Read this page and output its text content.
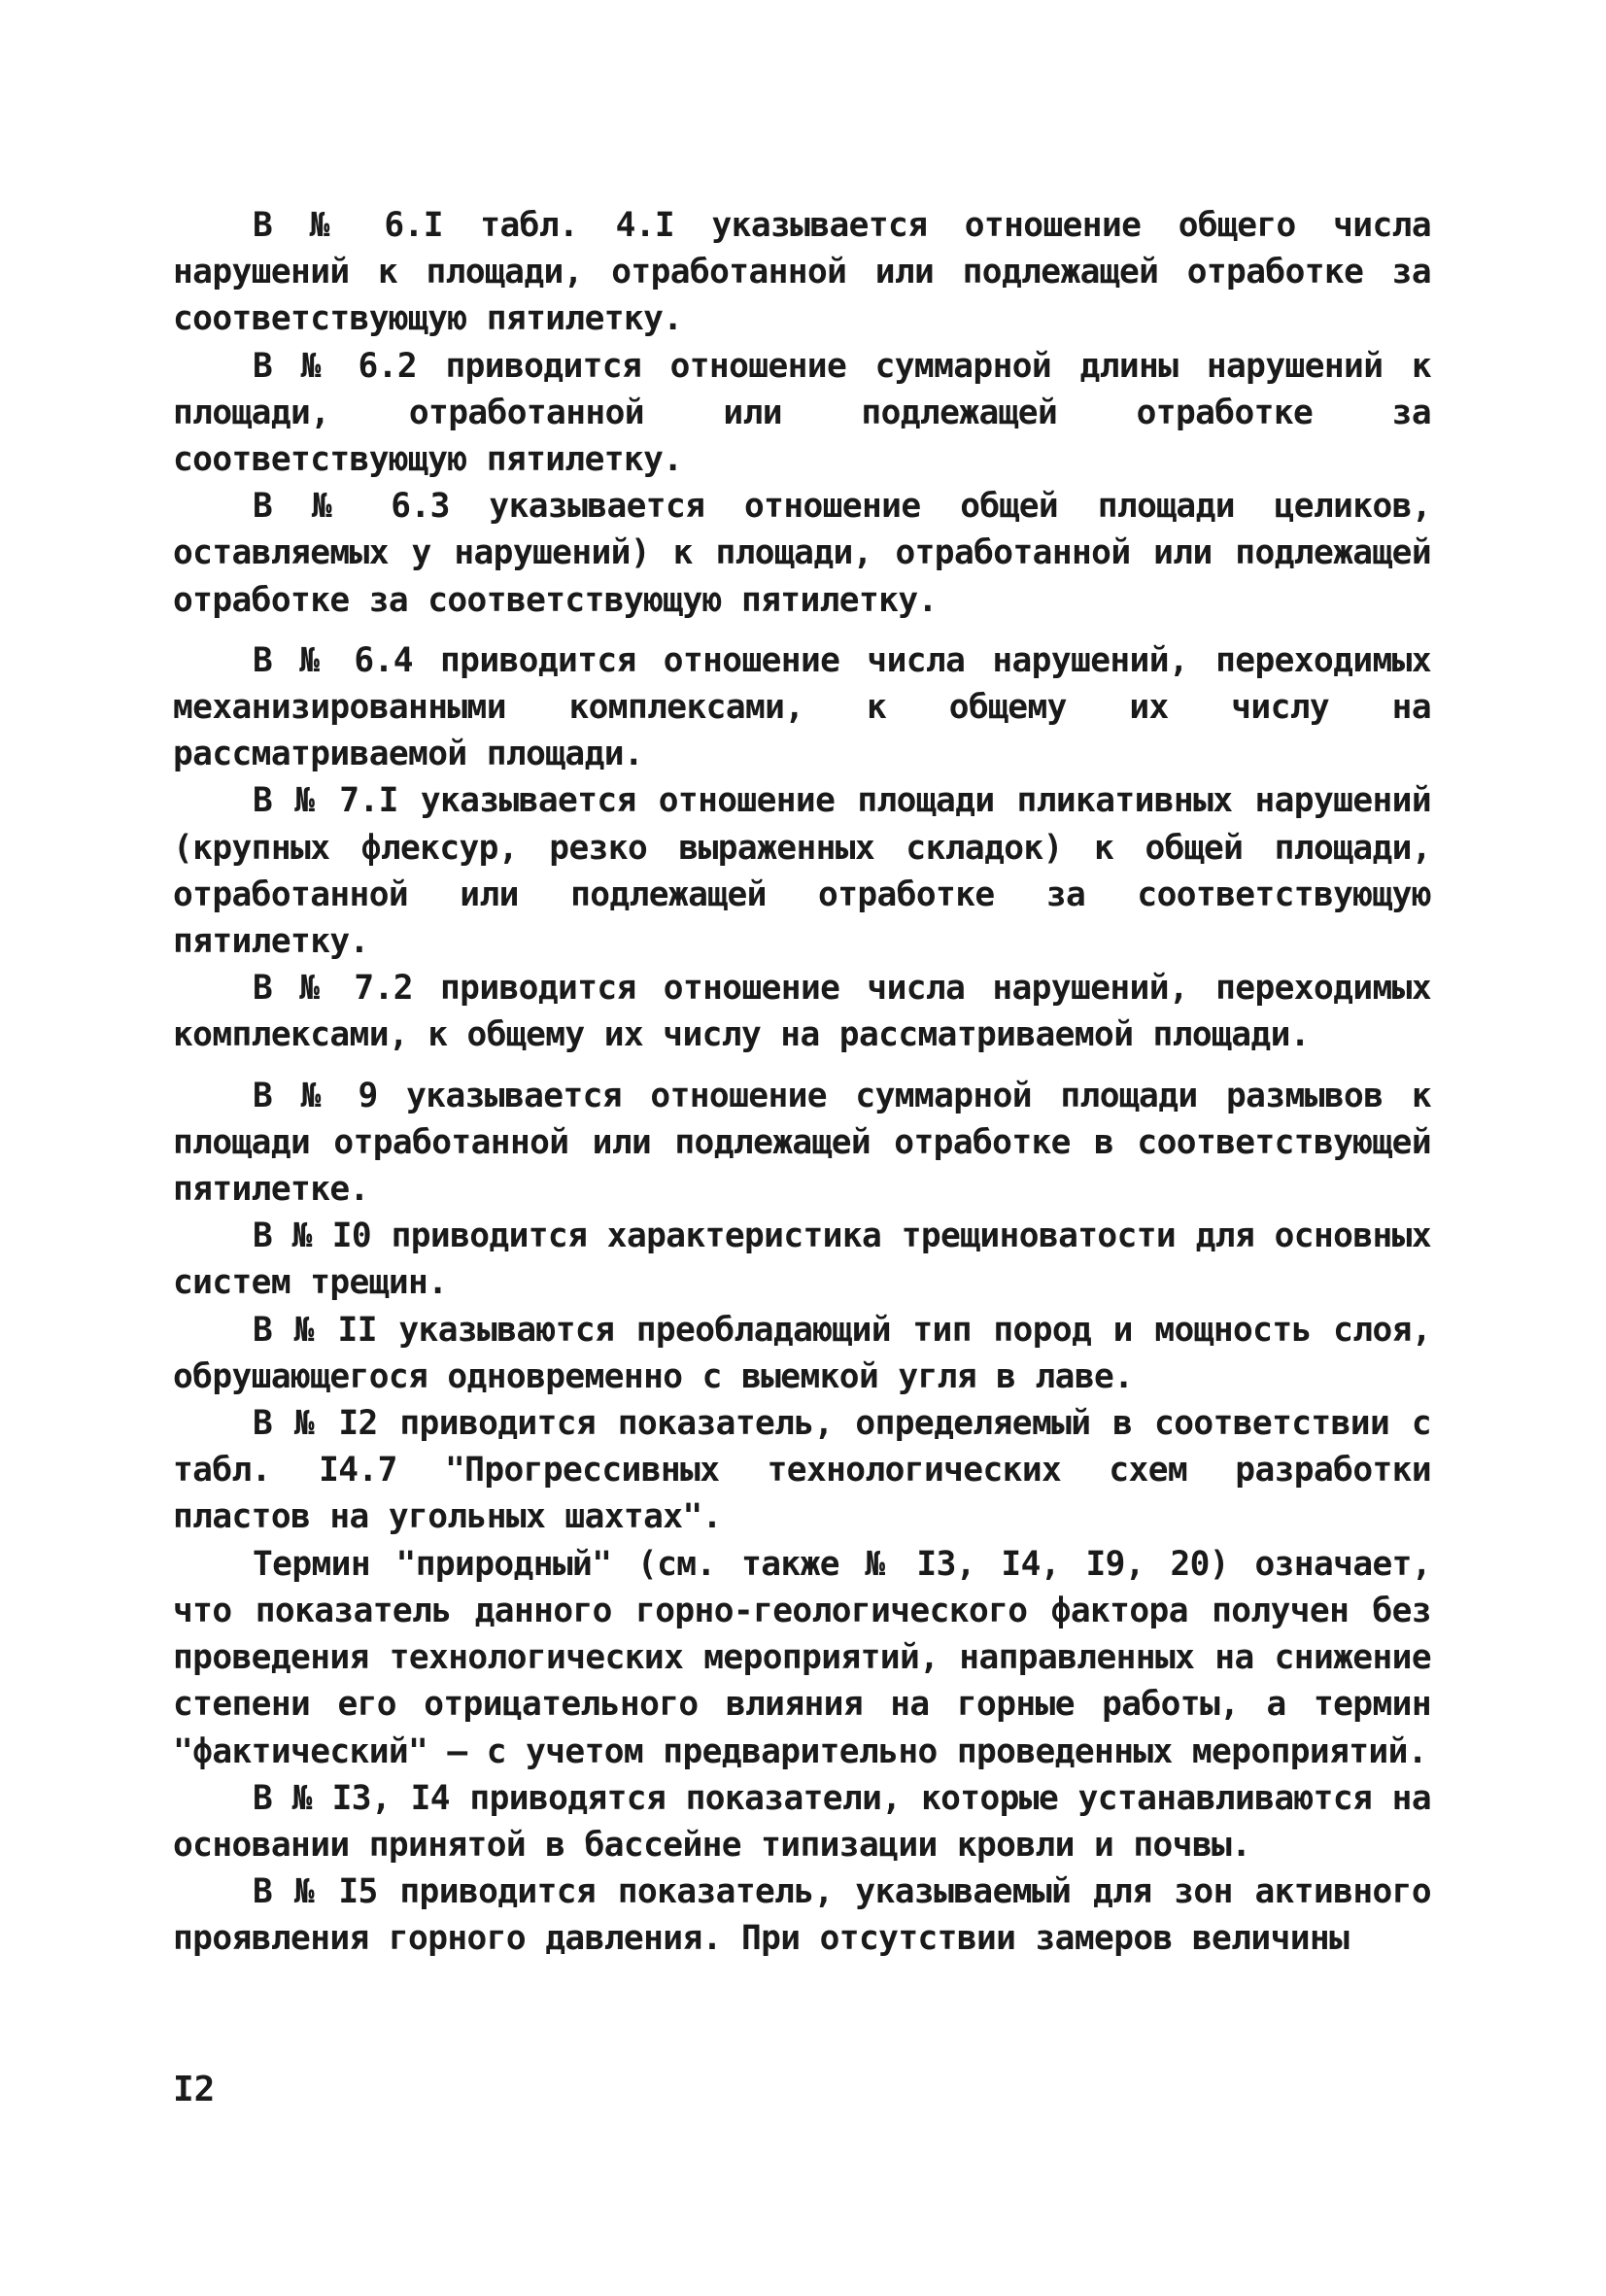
В № 6.I табл. 4.I указывается отношение общего числа нарушений к площади, отработанной или подлежащей отработке за соответствующую пятилетку.

В № 6.2 приводится отношение суммарной длины нарушений к площади, отработанной или подлежащей отработке за соответствующую пятилетку.

В № 6.3 указывается отношение общей площади целиков, оставляемых у нарушений) к площади, отработанной или подлежащей отработке за соответствующую пятилетку.

В № 6.4 приводится отношение числа нарушений, переходимых механизированными комплексами, к общему их числу на рассматриваемой площади.

В № 7.I указывается отношение площади пликативных нарушений (крупных флексур, резко выраженных складок) к общей площади, отработанной или подлежащей отработке за соответствующую пятилетку.

В № 7.2 приводится отношение числа нарушений, переходимых комплексами, к общему их числу на рассматриваемой площади.

В № 9 указывается отношение суммарной площади размывов к площади отработанной или подлежащей отработке в соответствующей пятилетке.

В № I0 приводится характеристика трещиноватости для основных систем трещин.

В № II указываются преобладающий тип пород и мощность слоя, обрушающегося одновременно с выемкой угля в лаве.

В № I2 приводится показатель, определяемый в соответствии с табл. I4.7 "Прогрессивных технологических схем разработки пластов на угольных шахтах".

Термин "природный" (см. также № I3, I4, I9, 20) означает, что показатель данного горно-геологического фактора получен без проведения технологических мероприятий, направленных на снижение степени его отрицательного влияния на горные работы, а термин "фактический" – с учетом предварительно проведенных мероприятий.

В № I3, I4 приводятся показатели, которые устанавливаются на основании принятой в бассейне типизации кровли и почвы.

В № I5 приводится показатель, указываемый для зон активного проявления горного давления. При отсутствии замеров величины

I2
